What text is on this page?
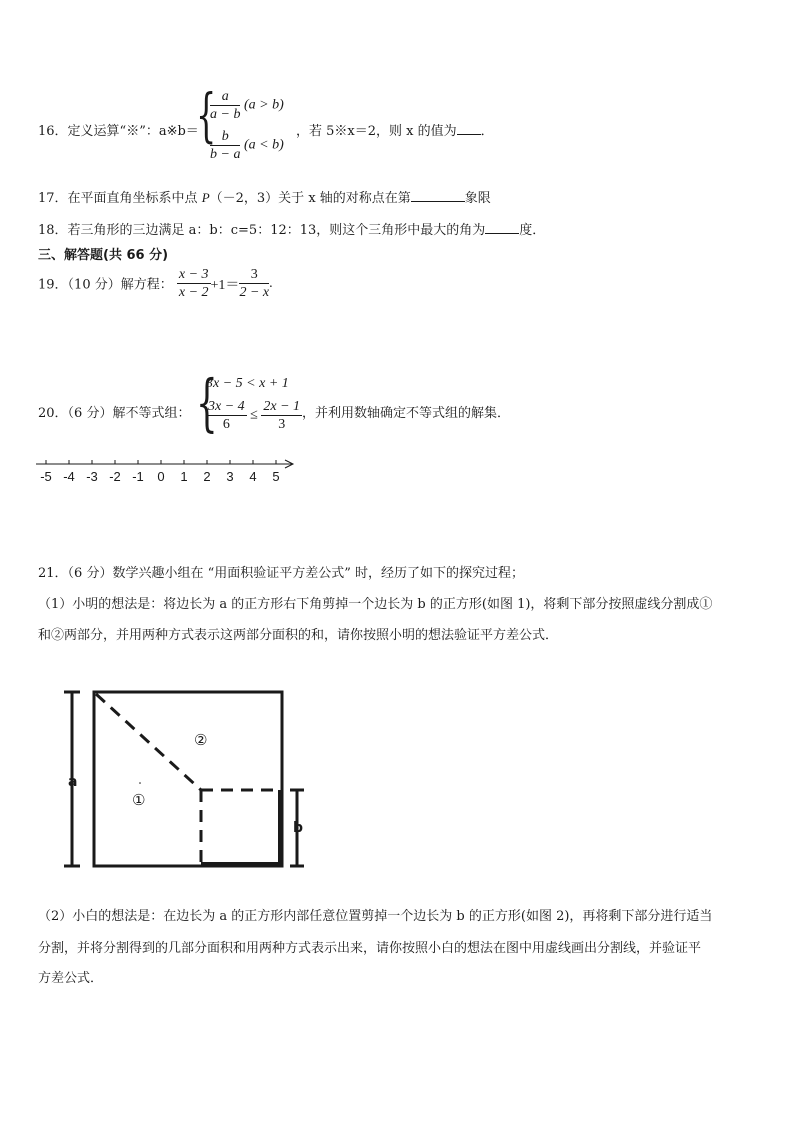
16．定义运算“※”：a※b＝
{
$\frac{a}{a - b} (a > b)$
$\frac{b}{b - a} (a < b)$
，若 5※x＝2，则 x 的值为 ．
17．在平面直角坐标系中点 P（－2，3）关于 x 轴的对称点在第	象限
18．若三角形的三边满足 a：b：c=5：12：13，则这个三角形中最大的角为	度．
三、解答题(共 66 分)
19．（10 分）解方程： $\frac{x - 3}{x - 2} +1= \frac{3}{2 - x}$ .
20．（6 分）解不等式组： {
3x − 5 < x + 1
$\frac{3x - 4}{6} \le \frac{2x - 1}{3}$ ，并利用数轴确定不等式组的解集．
-5 -4 -3 -2 -1 0 1 2 3 4 5
21．（6 分）数学兴趣小组在 “用面积验证平方差公式” 时，经历了如下的探究过程；
（1）小明的想法是：将边长为 a 的正方形右下角剪掉一个边长为 b 的正方形(如图 1)，将剩下部分按照虚线分割成①
和②两部分，并用两种方式表示这两部分面积的和，请你按照小明的想法验证平方差公式．
a
b
②
①
（2）小白的想法是：在边长为 a 的正方形内部任意位置剪掉一个边长为 b 的正方形(如图 2)，再将剩下部分进行适当
分割，并将分割得到的几部分面积和用两种方式表示出来，请你按照小白的想法在图中用虚线画出分割线，并验证平
方差公式．
